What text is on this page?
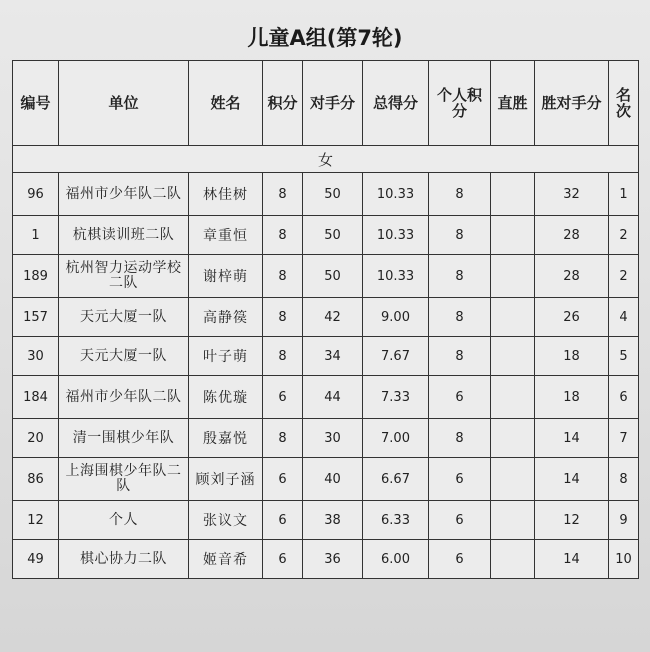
儿童A组(第7轮)
编号	单位	姓名	积分	对手分	总得分	个人积分	直胜	胜对手分	名次
女									
96	福州市少年队二队	林佳树	8	50	10.33	8		32	1
1	杭棋读训班二队	章重恒	8	50	10.33	8		28	2
189	杭州智力运动学校二队	谢梓萌	8	50	10.33	8		28	2
157	天元大厦一队	高静篌	8	42	9.00	8		26	4
30	天元大厦一队	叶子萌	8	34	7.67	8		18	5
184	福州市少年队二队	陈优璇	6	44	7.33	6		18	6
20	清一围棋少年队	殷嘉悦	8	30	7.00	8		14	7
86	上海围棋少年队二队	顾刘子涵	6	40	6.67	6		14	8
12	个人	张议文	6	38	6.33	6		12	9
49	棋心协力二队	姬音希	6	36	6.00	6		14	10
